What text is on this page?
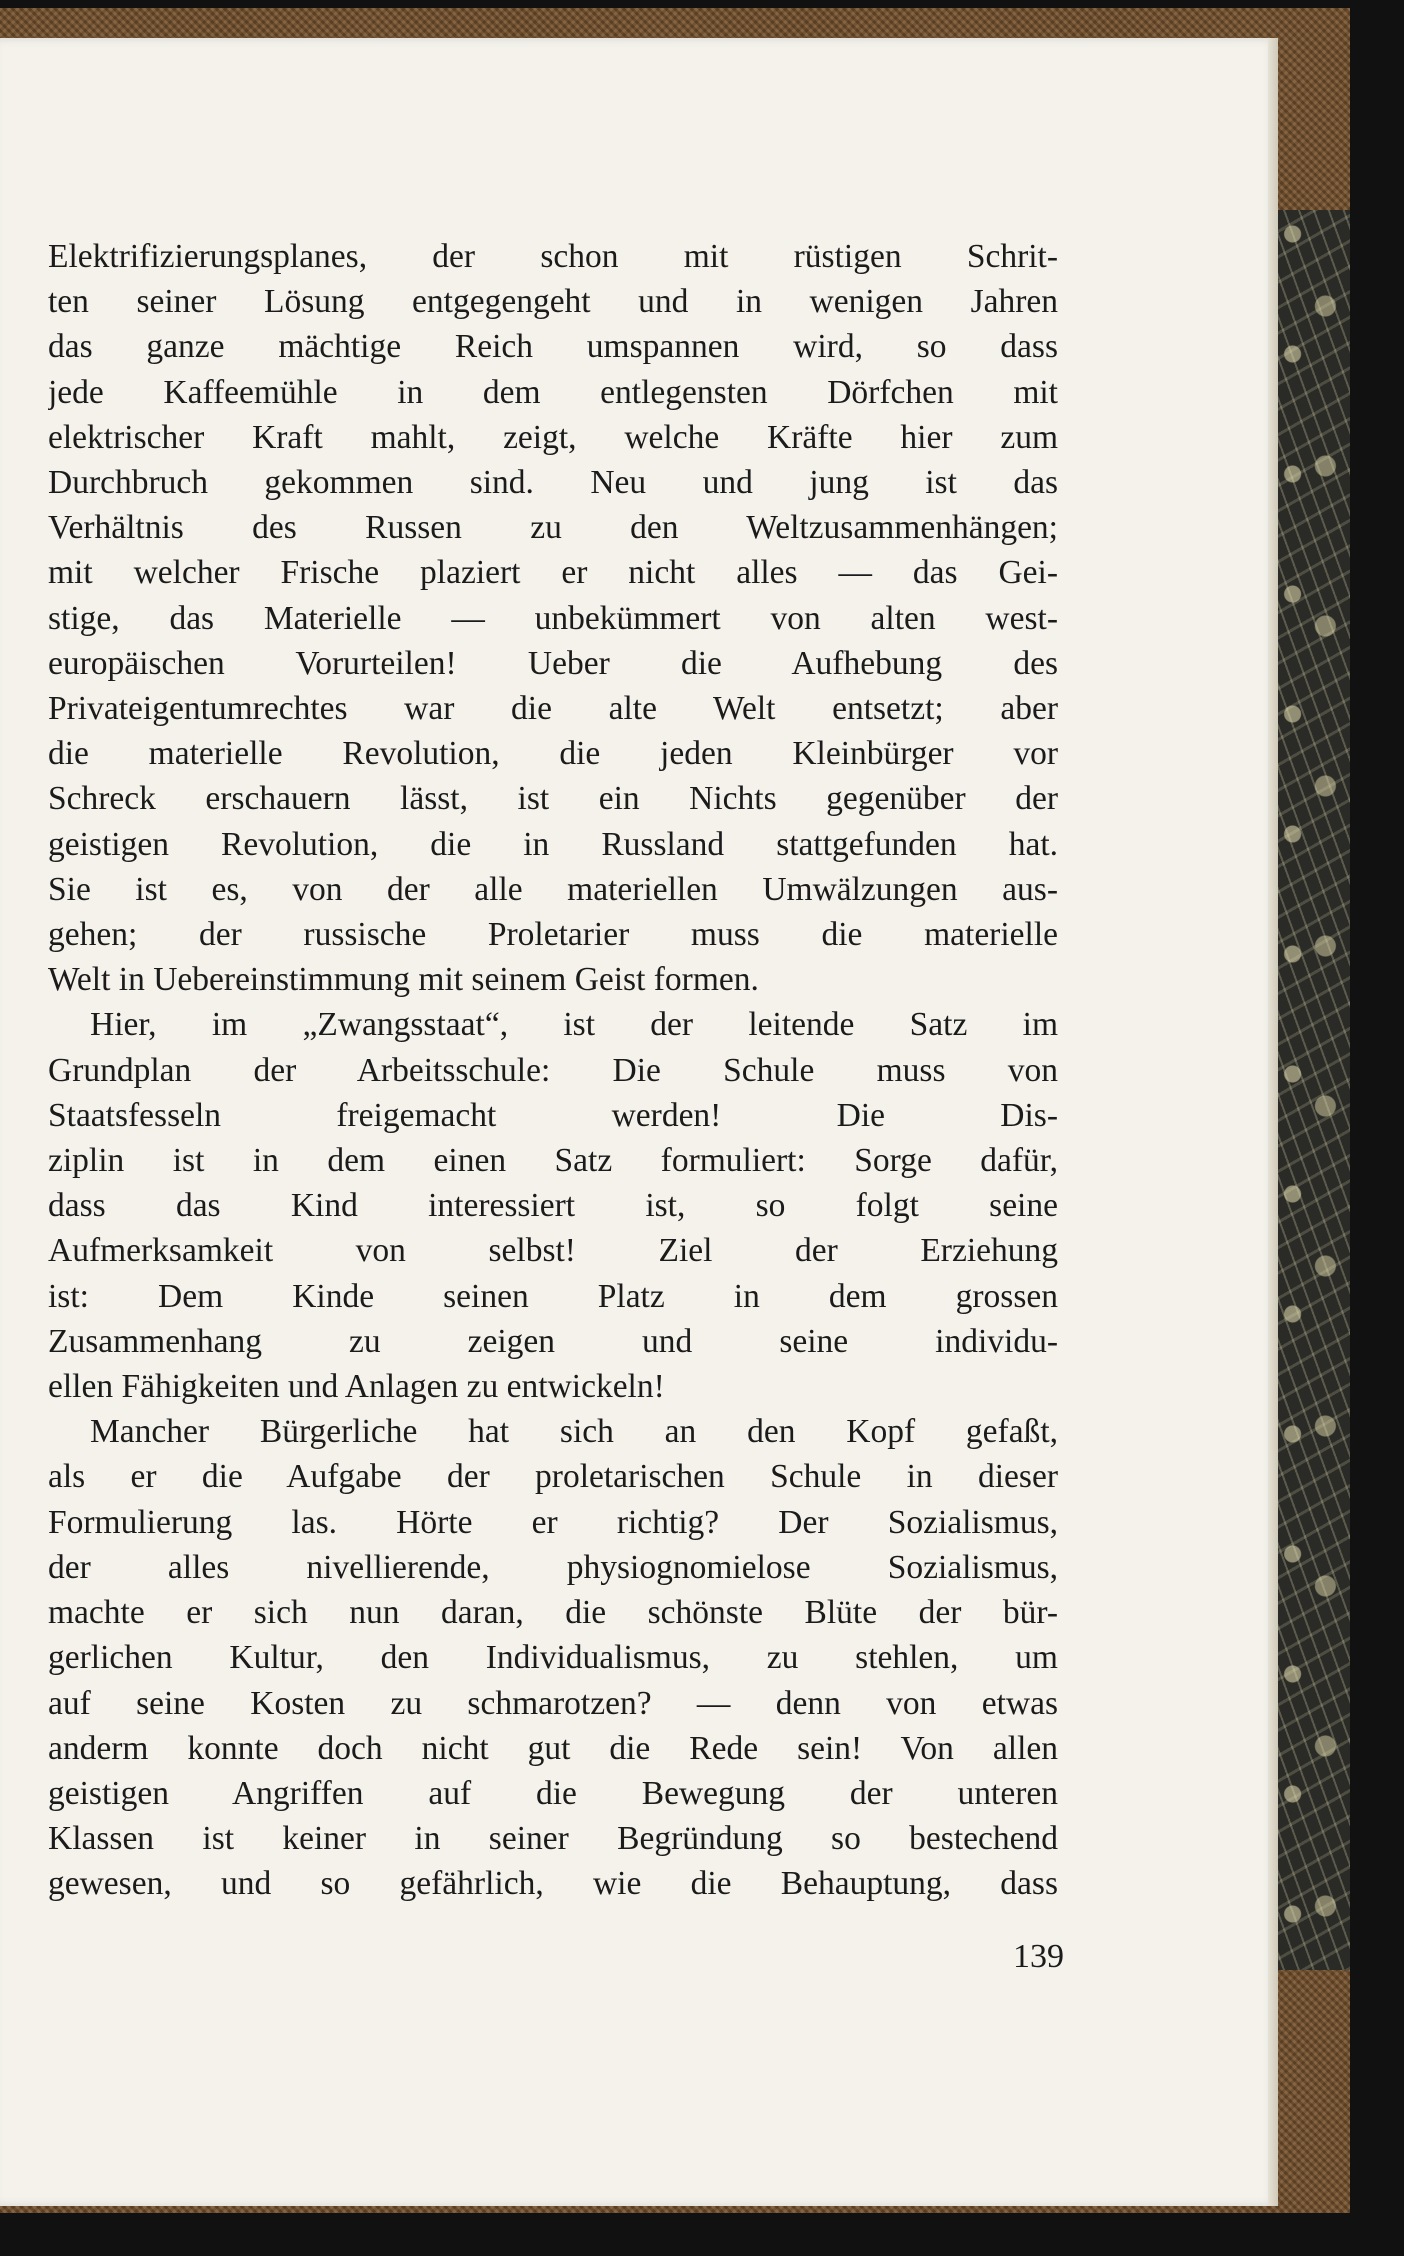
Elektrifizierungsplanes, der schon mit rüstigen Schrit-
ten seiner Lösung entgegengeht und in wenigen Jahren
das ganze mächtige Reich umspannen wird, so dass
jede Kaffeemühle in dem entlegensten Dörfchen mit
elektrischer Kraft mahlt, zeigt, welche Kräfte hier zum
Durchbruch gekommen sind. Neu und jung ist das
Verhältnis des Russen zu den Weltzusammenhängen;
mit welcher Frische plaziert er nicht alles — das Gei-
stige, das Materielle — unbekümmert von alten west-
europäischen Vorurteilen! Ueber die Aufhebung des
Privateigentumrechtes war die alte Welt entsetzt; aber
die materielle Revolution, die jeden Kleinbürger vor
Schreck erschauern lässt, ist ein Nichts gegenüber der
geistigen Revolution, die in Russland stattgefunden hat.
Sie ist es, von der alle materiellen Umwälzungen aus-
gehen; der russische Proletarier muss die materielle
Welt in Uebereinstimmung mit seinem Geist formen.
Hier, im „Zwangsstaat“, ist der leitende Satz im
Grundplan der Arbeitsschule: Die Schule muss von
Staatsfesseln freigemacht werden! Die Dis-
ziplin ist in dem einen Satz formuliert: Sorge dafür,
dass das Kind interessiert ist, so folgt seine
Aufmerksamkeit von selbst! Ziel der Erziehung
ist: Dem Kinde seinen Platz in dem grossen
Zusammenhang zu zeigen und seine individu-
ellen Fähigkeiten und Anlagen zu entwickeln!
Mancher Bürgerliche hat sich an den Kopf gefaßt,
als er die Aufgabe der proletarischen Schule in dieser
Formulierung las. Hörte er richtig? Der Sozialismus,
der alles nivellierende, physiognomielose Sozialismus,
machte er sich nun daran, die schönste Blüte der bür-
gerlichen Kultur, den Individualismus, zu stehlen, um
auf seine Kosten zu schmarotzen? — denn von etwas
anderm konnte doch nicht gut die Rede sein! Von allen
geistigen Angriffen auf die Bewegung der unteren
Klassen ist keiner in seiner Begründung so bestechend
gewesen, und so gefährlich, wie die Behauptung, dass
139
